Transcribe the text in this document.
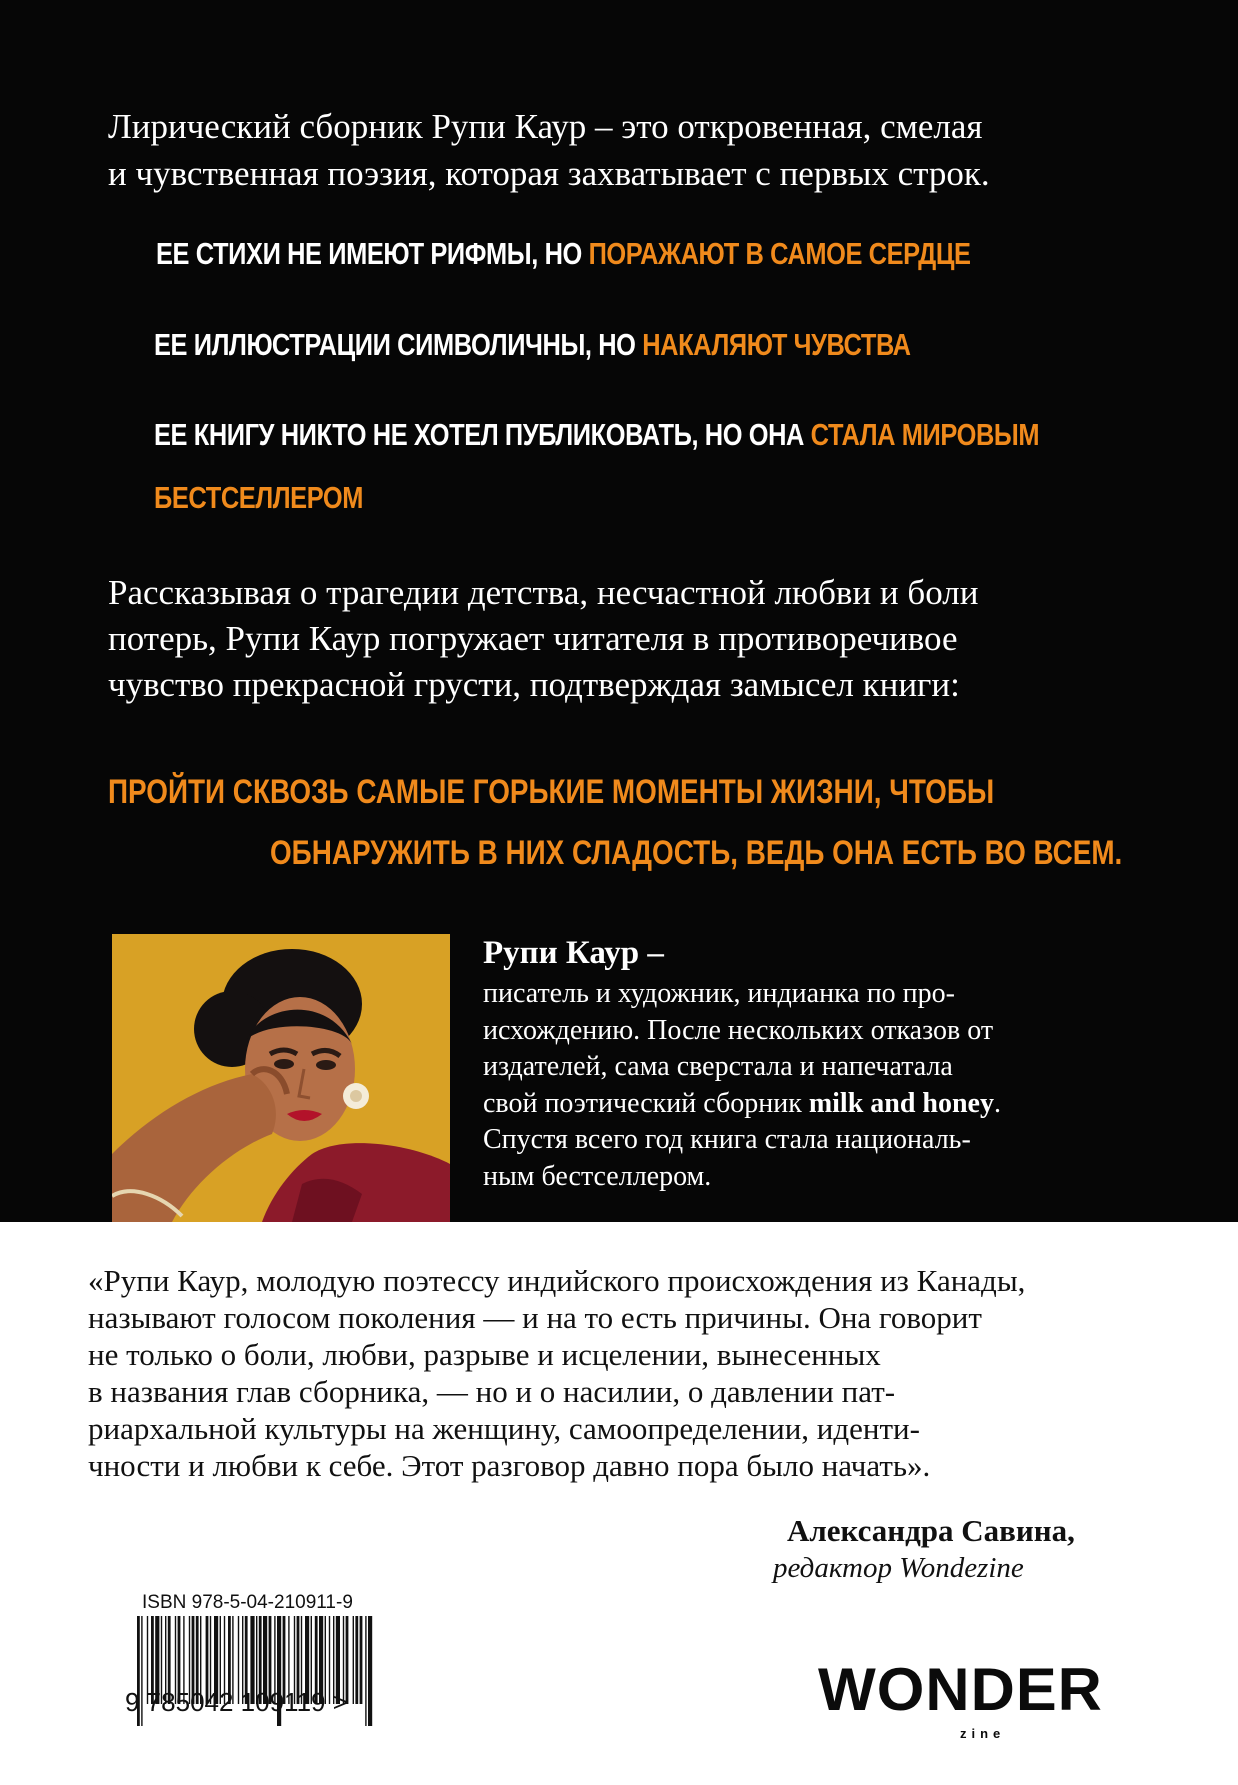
Лирический сборник Рупи Каур – это откровенная, смелая
и чувственная поэзия, которая захватывает с первых строк.
ЕЕ СТИХИ НЕ ИМЕЮТ РИФМЫ, НО ПОРАЖАЮТ В САМОЕ СЕРДЦЕ
ЕЕ ИЛЛЮСТРАЦИИ СИМВОЛИЧНЫ, НО НАКАЛЯЮТ ЧУВСТВА
ЕЕ КНИГУ НИКТО НЕ ХОТЕЛ ПУБЛИКОВАТЬ, НО ОНА СТАЛА МИРОВЫМ
БЕСТСЕЛЛЕРОМ
Рассказывая о трагедии детства, несчастной любви и боли
потерь, Рупи Каур погружает читателя в противоречивое
чувство прекрасной грусти, подтверждая замысел книги:
ПРОЙТИ СКВОЗЬ САМЫЕ ГОРЬКИЕ МОМЕНТЫ ЖИЗНИ, ЧТОБЫ
ОБНАРУЖИТЬ В НИХ СЛАДОСТЬ, ВЕДЬ ОНА ЕСТЬ ВО ВСЕМ.
Рупи Каур –
писатель и художник, индианка по про-
исхождению. После нескольких отказов от
издателей, сама сверстала и напечатала
свой поэтический сборник milk and honey.
Спустя всего год книга стала националь-
ным бестселлером.
«Рупи Каур, молодую поэтессу индийского происхождения из Канады,
называют голосом поколения — и на то есть причины. Она говорит
не только о боли, любви, разрыве и исцелении, вынесенных
в названия глав сборника, — но и о насилии, о давлении пат-
риархальной культуры на женщину, самоопределении, иденти-
чности и любви к себе. Этот разговор давно пора было начать».
Александра Савина,
редактор Wondezine
ISBN 978-5-04-210911-9
9 785042 109119 >	WONDER
zine
